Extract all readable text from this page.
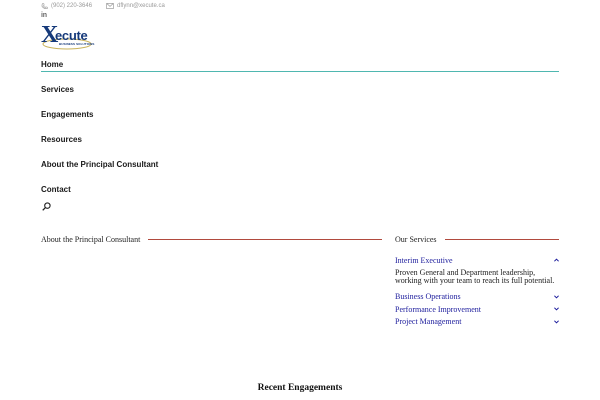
(902) 220-3646	dflynn@xecute.ca
in
X
ecute
BUSINESS SOLUTIONS
Home
Services
Engagements
Resources
About the Principal Consultant
Contact
About the Principal Consultant	Our Services
Interim Executive
Proven General and Department leadership, working with your team to reach its full potential.
Business Operations
Performance Improvement
Project Management
Recent Engagements
